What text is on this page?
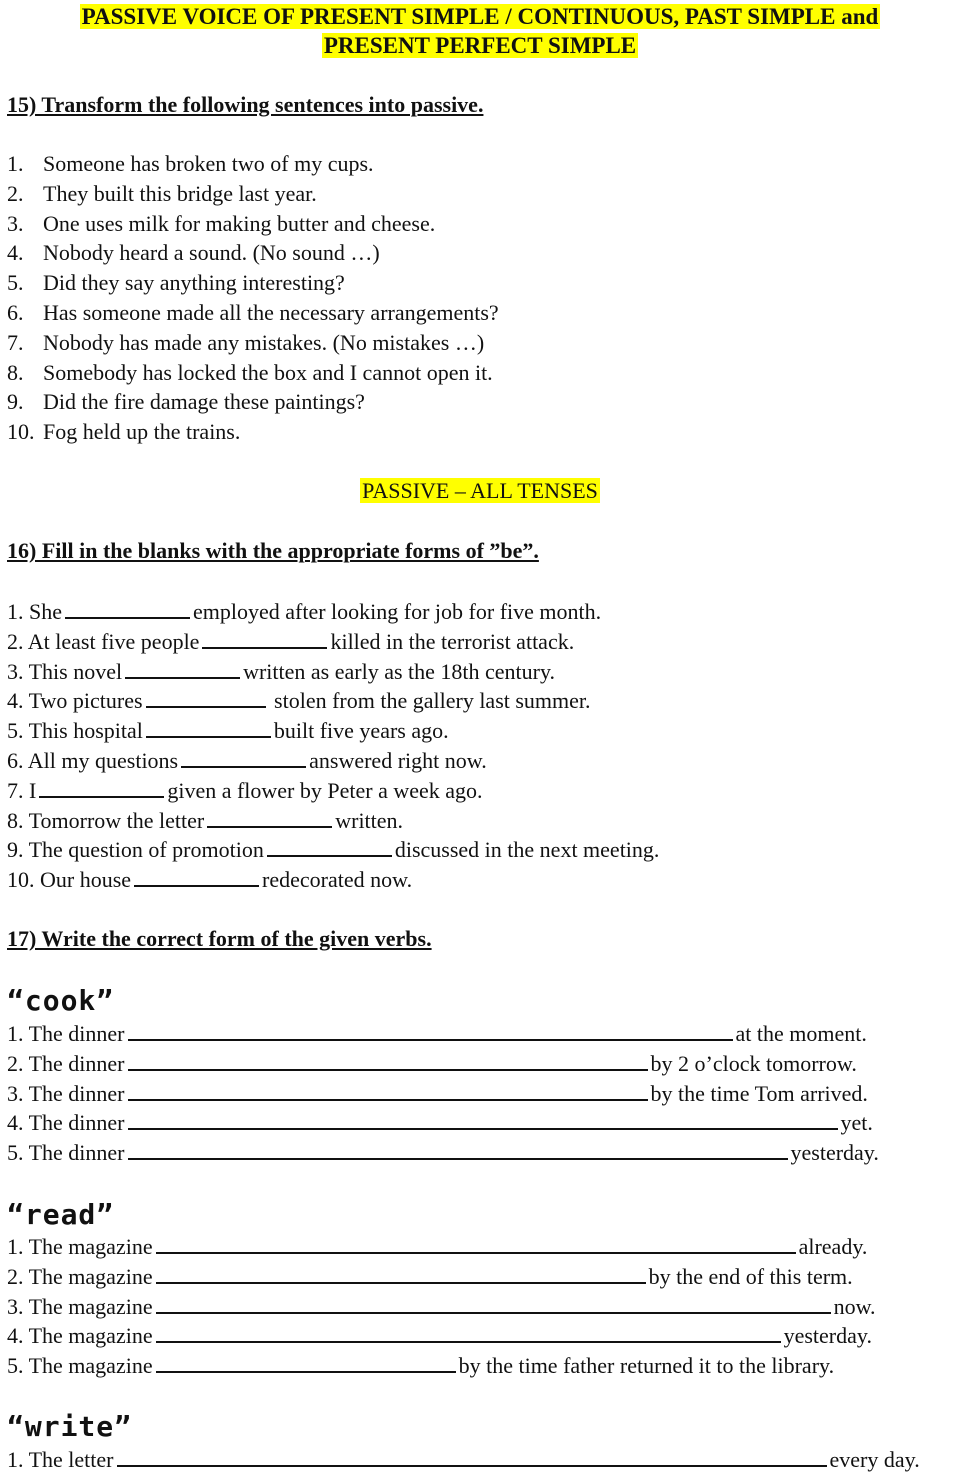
PASSIVE VOICE OF PRESENT SIMPLE / CONTINUOUS, PAST SIMPLE and
PRESENT PERFECT SIMPLE
15) Transform the following sentences into passive.
1. Someone has broken two of my cups.
2. They built this bridge last year.
3. One uses milk for making butter and cheese.
4. Nobody heard a sound. (No sound …)
5. Did they say anything interesting?
6. Has someone made all the necessary arrangements?
7. Nobody has made any mistakes. (No mistakes …)
8. Somebody has locked the box and I cannot open it.
9. Did the fire damage these paintings?
10. Fog held up the trains.
PASSIVE – ALL TENSES
16) Fill in the blanks with the appropriate forms of ”be”.
1. She	employed after looking for job for five month.
2. At least five people	killed in the terrorist attack.
3. This novel	written as early as the 18th century.
4. Two pictures	stolen from the gallery last summer.
5. This hospital	built five years ago.
6. All my questions	answered right now.
7. I	given a flower by Peter a week ago.
8. Tomorrow the letter	written.
9. The question of promotion	discussed in the next meeting.
10. Our house	redecorated now.
17) Write the correct form of the given verbs.
“cook”
1. The dinner	at the moment.
2. The dinner	by 2 o’clock tomorrow.
3. The dinner	by the time Tom arrived.
4. The dinner	yet.
5. The dinner	yesterday.
“read”
1. The magazine	already.
2. The magazine	by the end of this term.
3. The magazine	now.
4. The magazine	yesterday.
5. The magazine	by the time father returned it to the library.
“write”
1. The letter	every day.
